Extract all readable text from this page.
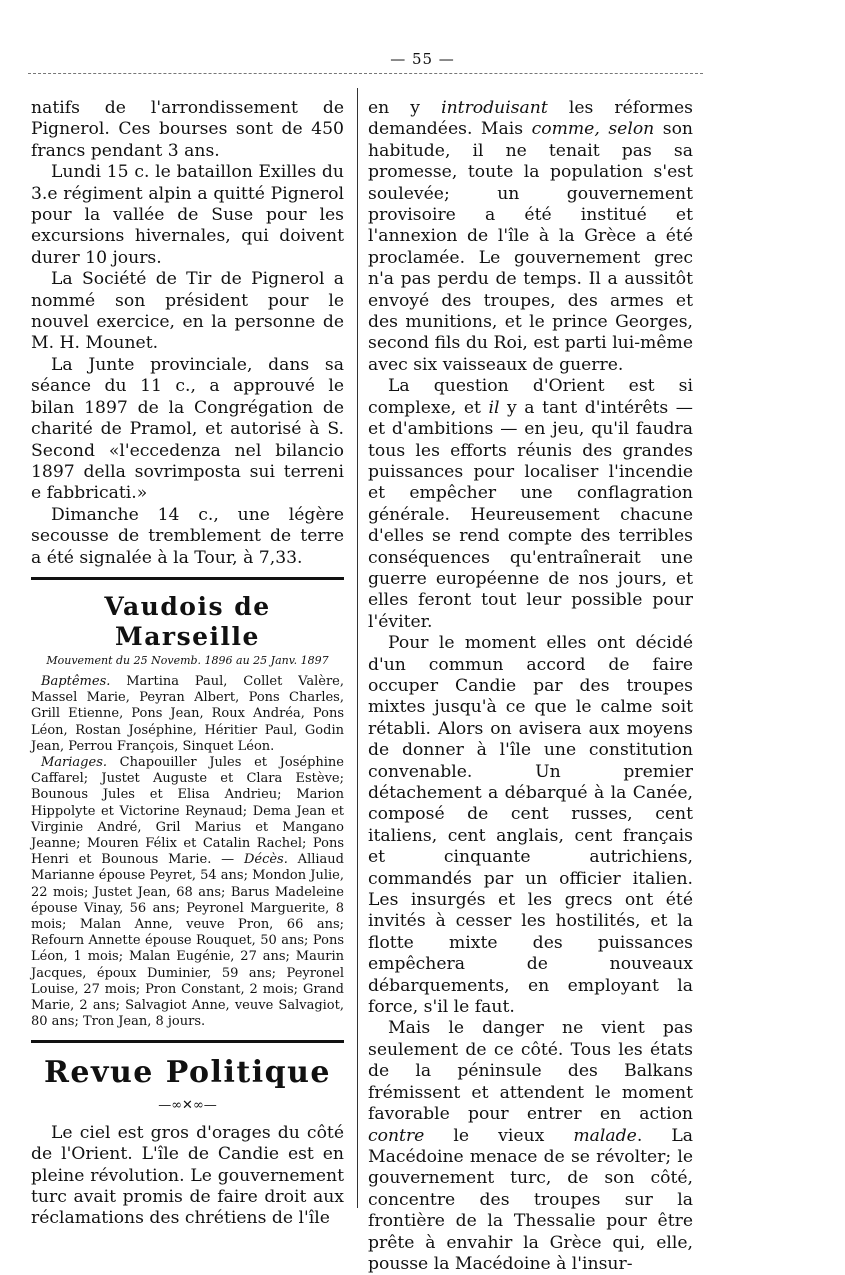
— 55 —

natifs de l'arrondissement de Pignerol. Ces bourses sont de 450 francs pendant 3 ans.

Lundi 15 c. le bataillon Exilles du 3.e régiment alpin a quitté Pignerol pour la vallée de Suse pour les excursions hivernales, qui doivent durer 10 jours.

La Société de Tir de Pignerol a nommé son président pour le nouvel exercice, en la personne de M. H. Mounet.

La Junte provinciale, dans sa séance du 11 c., a approuvé le bilan 1897 de la Congrégation de charité de Pramol, et autorisé à S. Second «l'eccedenza nel bilancio 1897 della sovrimposta sui terreni e fabbricati.»

Dimanche 14 c., une légère secousse de tremblement de terre a été signalée à la Tour, à 7,33.

Vaudois de Marseille
Mouvement du 25 Novemb. 1896 au 25 Janv. 1897

Baptêmes. Martina Paul, Collet Valère, Massel Marie, Peyran Albert, Pons Charles, Grill Etienne, Pons Jean, Roux Andréa, Pons Léon, Rostan Joséphine, Héritier Paul, Godin Jean, Perrou François, Sinquet Léon.

Mariages. Chapouiller Jules et Joséphine Caffarel; Justet Auguste et Clara Estève; Bounous Jules et Elisa Andrieu; Marion Hippolyte et Victorine Reynaud; Dema Jean et Virginie André, Gril Marius et Mangano Jeanne; Mouren Félix et Catalin Rachel; Pons Henri et Bounous Marie. — Décès. Alliaud Marianne épouse Peyret, 54 ans; Mondon Julie, 22 mois; Justet Jean, 68 ans; Barus Madeleine épouse Vinay, 56 ans; Peyronel Marguerite, 8 mois; Malan Anne, veuve Pron, 66 ans; Refourn Annette épouse Rouquet, 50 ans; Pons Léon, 1 mois; Malan Eugénie, 27 ans; Maurin Jacques, époux Duminier, 59 ans; Peyronel Louise, 27 mois; Pron Constant, 2 mois; Grand Marie, 2 ans; Salvagiot Anne, veuve Salvagiot, 80 ans; Tron Jean, 8 jours.

Revue Politique
—∞✕∞—

Le ciel est gros d'orages du côté de l'Orient. L'île de Candie est en pleine révolution. Le gouvernement turc avait promis de faire droit aux réclamations des chrétiens de l'île

en y introduisant les réformes demandées. Mais comme, selon son habitude, il ne tenait pas sa promesse, toute la population s'est soulevée; un gouvernement provisoire a été institué et l'annexion de l'île à la Grèce a été proclamée. Le gouvernement grec n'a pas perdu de temps. Il a aussitôt envoyé des troupes, des armes et des munitions, et le prince Georges, second fils du Roi, est parti lui-même avec six vaisseaux de guerre.

La question d'Orient est si complexe, et il y a tant d'intérêts — et d'ambitions — en jeu, qu'il faudra tous les efforts réunis des grandes puissances pour localiser l'incendie et empêcher une conflagration générale. Heureusement chacune d'elles se rend compte des terribles conséquences qu'entraînerait une guerre européenne de nos jours, et elles feront tout leur possible pour l'éviter.

Pour le moment elles ont décidé d'un commun accord de faire occuper Candie par des troupes mixtes jusqu'à ce que le calme soit rétabli. Alors on avisera aux moyens de donner à l'île une constitution convenable. Un premier détachement a débarqué à la Canée, composé de cent russes, cent italiens, cent anglais, cent français et cinquante autrichiens, commandés par un officier italien. Les insurgés et les grecs ont été invités à cesser les hostilités, et la flotte mixte des puissances empêchera de nouveaux débarquements, en employant la force, s'il le faut.

Mais le danger ne vient pas seulement de ce côté. Tous les états de la péninsule des Balkans frémissent et attendent le moment favorable pour entrer en action contre le vieux malade. La Macédoine menace de se révolter; le gouvernement turc, de son côté, concentre des troupes sur la frontière de la Thessalie pour être prête à envahir la Grèce qui, elle, pousse la Macédoine à l'insur-
